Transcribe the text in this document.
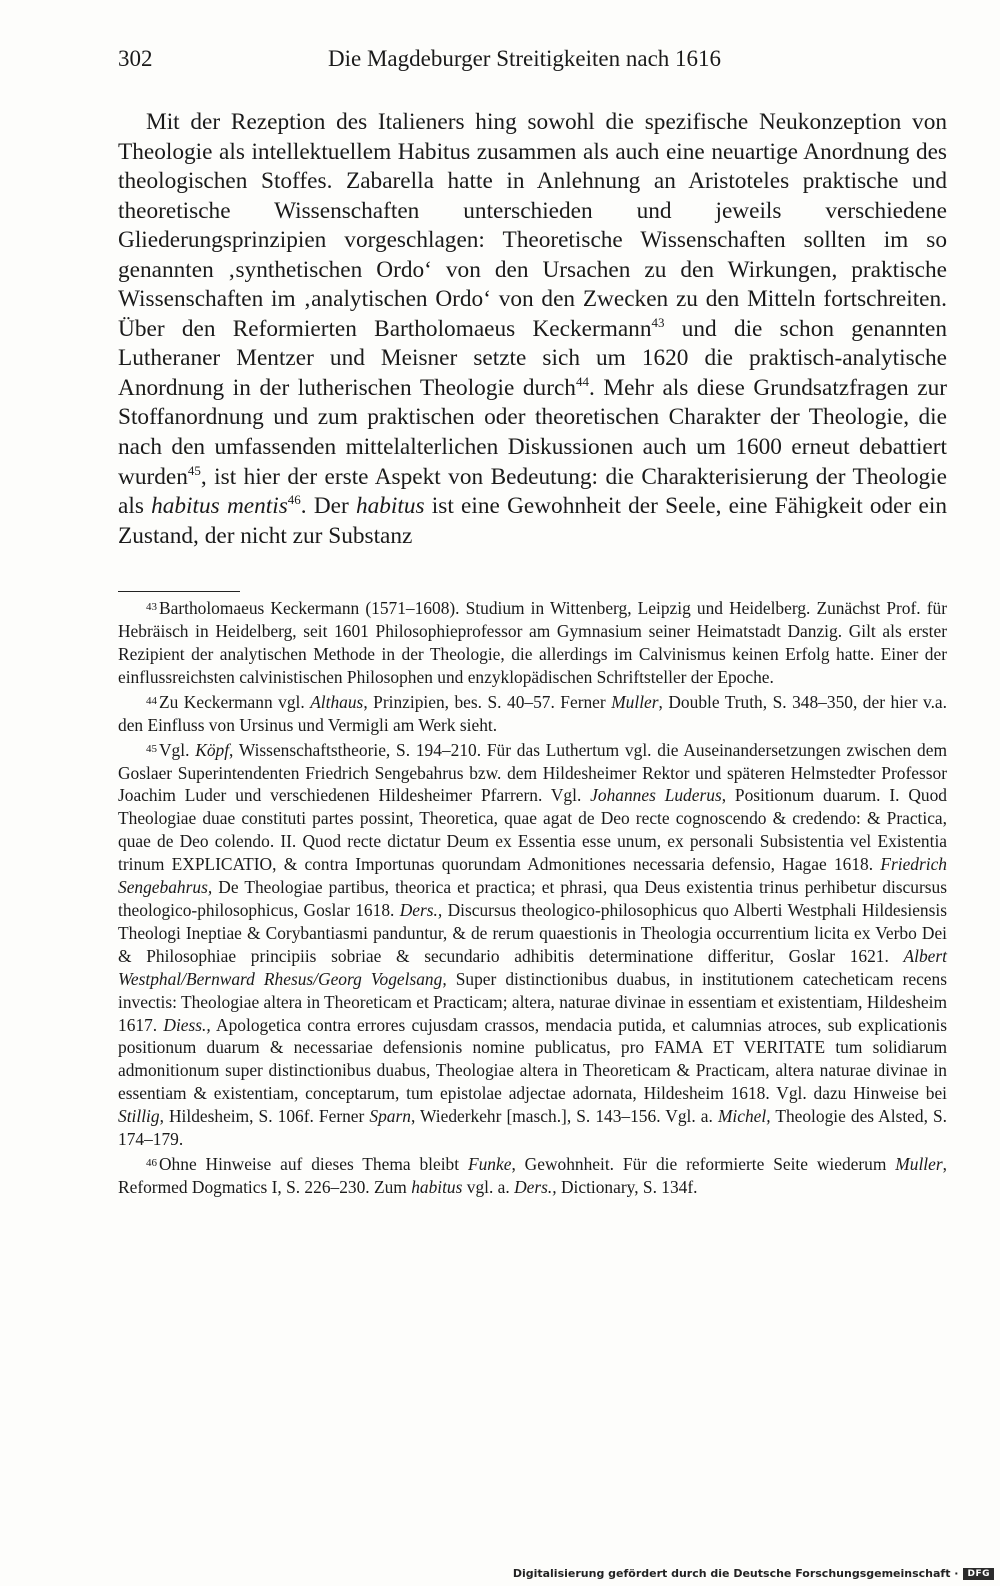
302	Die Magdeburger Streitigkeiten nach 1616

Mit der Rezeption des Italieners hing sowohl die spezifische Neukonzeption von Theologie als intellektuellem Habitus zusammen als auch eine neuartige Anordnung des theologischen Stoffes. Zabarella hatte in Anlehnung an Aristoteles praktische und theoretische Wissenschaften unterschieden und jeweils verschiedene Gliederungsprinzipien vorgeschlagen: Theoretische Wissenschaften sollten im so genannten ‚synthetischen Ordo‘ von den Ursachen zu den Wirkungen, praktische Wissenschaften im ‚analytischen Ordo‘ von den Zwecken zu den Mitteln fortschreiten. Über den Reformierten Bartholomaeus Keckermann$^{43}$ und die schon genannten Lutheraner Mentzer und Meisner setzte sich um 1620 die praktisch-analytische Anordnung in der lutherischen Theologie durch$^{44}$. Mehr als diese Grundsatzfragen zur Stoffanordnung und zum praktischen oder theoretischen Charakter der Theologie, die nach den umfassenden mittelalterlichen Diskussionen auch um 1600 erneut debattiert wurden$^{45}$, ist hier der erste Aspekt von Bedeutung: die Charakterisierung der Theologie als habitus mentis$^{46}$. Der habitus ist eine Gewohnheit der Seele, eine Fähigkeit oder ein Zustand, der nicht zur Substanz

$^{43}$ Bartholomaeus Keckermann (1571–1608). Studium in Wittenberg, Leipzig und Heidelberg. Zunächst Prof. für Hebräisch in Heidelberg, seit 1601 Philosophieprofessor am Gymnasium seiner Heimatstadt Danzig. Gilt als erster Rezipient der analytischen Methode in der Theologie, die allerdings im Calvinismus keinen Erfolg hatte. Einer der einflussreichsten calvinistischen Philosophen und enzyklopädischen Schriftsteller der Epoche.

$^{44}$ Zu Keckermann vgl. Althaus, Prinzipien, bes. S. 40–57. Ferner Muller, Double Truth, S. 348–350, der hier v.a. den Einfluss von Ursinus und Vermigli am Werk sieht.

$^{45}$ Vgl. Köpf, Wissenschaftstheorie, S. 194–210. Für das Luthertum vgl. die Auseinandersetzungen zwischen dem Goslaer Superintendenten Friedrich Sengebahrus bzw. dem Hildesheimer Rektor und späteren Helmstedter Professor Joachim Luder und verschiedenen Hildesheimer Pfarrern. Vgl. Johannes Luderus, Positionum duarum. I. Quod Theologiae duae constituti partes possint, Theoretica, quae agat de Deo recte cognoscendo & credendo: & Practica, quae de Deo colendo. II. Quod recte dictatur Deum ex Essentia esse unum, ex personali Subsistentia vel Existentia trinum EXPLICATIO, & contra Importunas quorundam Admonitiones necessaria defensio, Hagae 1618. Friedrich Sengebahrus, De Theologiae partibus, theorica et practica; et phrasi, qua Deus existentia trinus perhibetur discursus theologico-philosophicus, Goslar 1618. Ders., Discursus theologico-philosophicus quo Alberti Westphali Hildesiensis Theologi Ineptiae & Corybantiasmi panduntur, & de rerum quaestionis in Theologia occurrentium licita ex Verbo Dei & Philosophiae principiis sobriae & secundario adhibitis determinatione differitur, Goslar 1621. Albert Westphal/Bernward Rhesus/Georg Vogelsang, Super distinctionibus duabus, in institutionem catecheticam recens invectis: Theologiae altera in Theoreticam et Practicam; altera, naturae divinae in essentiam et existentiam, Hildesheim 1617. Diess., Apologetica contra errores cujusdam crassos, mendacia putida, et calumnias atroces, sub explicationis positionum duarum & necessariae defensionis nomine publicatus, pro FAMA ET VERITATE tum solidiarum admonitionum super distinctionibus duabus, Theologiae altera in Theoreticam & Practicam, altera naturae divinae in essentiam & existentiam, conceptarum, tum epistolae adjectae adornata, Hildesheim 1618. Vgl. dazu Hinweise bei Stillig, Hildesheim, S. 106f. Ferner Sparn, Wiederkehr [masch.], S. 143–156. Vgl. a. Michel, Theologie des Alsted, S. 174–179.

$^{46}$ Ohne Hinweise auf dieses Thema bleibt Funke, Gewohnheit. Für die reformierte Seite wiederum Muller, Reformed Dogmatics I, S. 226–230. Zum habitus vgl. a. Ders., Dictionary, S. 134f.

Digitalisierung gefördert durch die Deutsche Forschungsgemeinschaft ·	DFG
